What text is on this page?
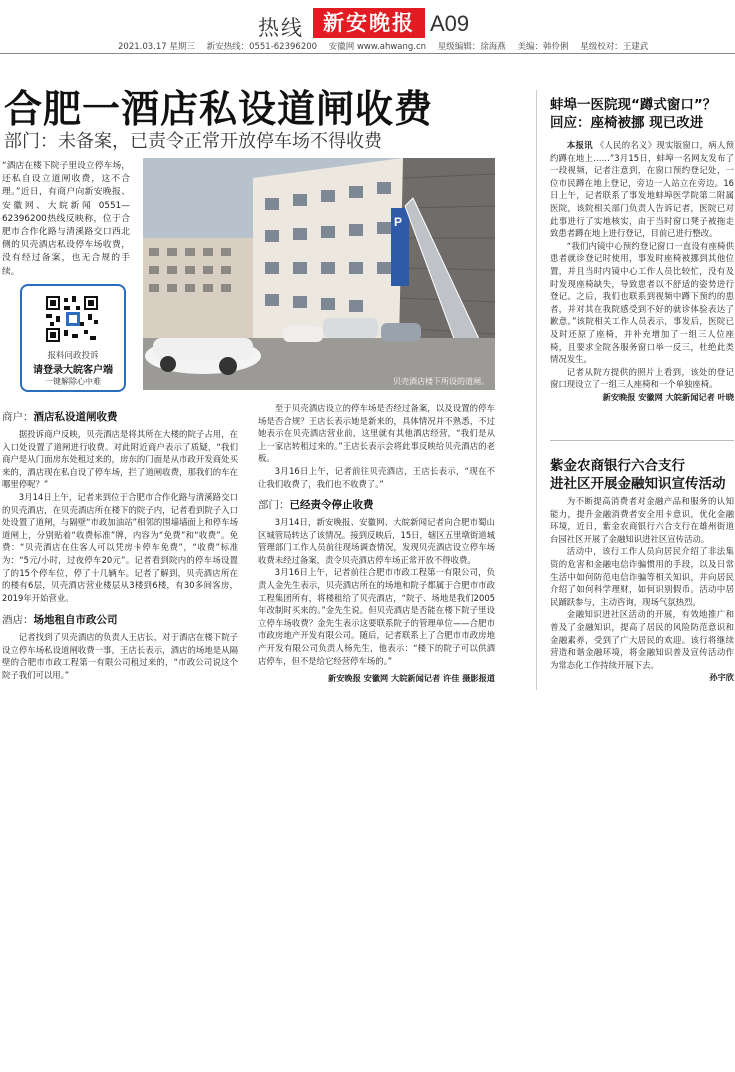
热线 新安晚报 A09
2021.03.17 星期三 新安热线：0551-62396200 安徽网 www.ahwang.cn 星级编辑：徐海燕 美编：韩伶俐 星级校对：王建武
合肥一酒店私设道闸收费
部门：未备案，已责令正常开放停车场不得收费
“酒店在楼下院子里设立停车场，还私自设立道闸收费，这不合理。”近日，有商户向新安晚报、安徽网、大皖新闻 0551—62396200热线反映称，位于合肥市合作化路与清溪路交口西北侧的贝壳酒店私设停车场收费，没有经过备案，也无合规的手续。
报料问政投诉
请登录大皖客户端
一键解除心中难
P
贝壳酒店楼下所设的道闸。
商户：酒店私设道闸收费

据投诉商户反映，贝壳酒店是将其所在大楼的院子占用，在入口处设置了道闸进行收费。对此附近商户表示了质疑，“我们商户是从门面房东处租过来的，房东的门面是从市政开发商处买来的，酒店现在私自设了停车场，拦了道闸收费，那我们的车在哪里停呢？”

3月14日上午，记者来到位于合肥市合作化路与清溪路交口的贝壳酒店，在贝壳酒店所在楼下的院子内，记者看到院子入口处设置了道闸，与隔壁“市政加油站”相邻的围墙墙面上和停车场道闸上，分别贴着“收费标准”牌，内容为“免费”和“收费”。免费：“贝壳酒店在住客人可以凭房卡停车免费”，“收费”标准为：“5元/小时，过夜停车20元”。记者看到院内的停车场设置了的15个停车位，停了十几辆车。记者了解到，贝壳酒店所在的楼有6层，贝壳酒店营业楼层从3楼到6楼，有30多间客房，2019年开始营业。

酒店：场地租自市政公司

记者找到了贝壳酒店的负责人王店长，对于酒店在楼下院子设立停车场私设道闸收费一事，王店长表示，酒店的场地是从隔壁的合肥市市政工程第一有限公司租过来的，“市政公司说这个院子我们可以用。”

至于贝壳酒店设立的停车场是否经过备案，以及设置的停车场是否合规？王店长表示她是新来的，具体情况并不熟悉，不过她表示在贝壳酒店营业前，这里就有其他酒店经营，“我们是从上一家店转租过来的。”王店长表示会将此事反映给贝壳酒店的老板。

3月16日上午，记者前往贝壳酒店，王店长表示，“现在不让我们收费了，我们也不收费了。”

部门：已经责令停止收费

3月14日，新安晚报、安徽网、大皖新闻记者向合肥市蜀山区城管局转达了该情况。接到反映后，15日，辖区五里墩街道城管理部门工作人员前往现场调查情况，发现贝壳酒店设立停车场收费未经过备案，责令贝壳酒店停车场正常开放不得收费。

3月16日上午，记者前往合肥市市政工程第一有限公司，负责人金先生表示，贝壳酒店所在的场地和院子都属于合肥市市政工程集团所有，将楼租给了贝壳酒店，“院子、场地是我们2005年改制时买来的。”金先生说。但贝壳酒店是否能在楼下院子里设立停车场收费？金先生表示这要联系院子的管理单位——合肥市市政房地产开发有限公司。随后，记者联系上了合肥市市政房地产开发有限公司负责人杨先生，他表示：“楼下的院子可以供酒店停车，但不是给它经营停车场的。”

新安晚报 安徽网 大皖新闻记者 许佳 摄影报道
蚌埠一医院现“蹲式窗口”？
回应：座椅被挪 现已改进

本报讯 《人民的名义》现实版窗口，病人预约蹲在地上……”3月15日，蚌埠一名网友发布了一段视频，记者注意到，在窗口预约登记处，一位市民蹲在地上登记，旁边一人站立在旁边。16日上午，记者联系了事发地蚌埠医学院第二附属医院，该院相关部门负责人告诉记者，医院已对此事进行了实地核实，由于当时窗口凳子被拖走致患者蹲在地上进行登记，目前已进行整改。

“我们内镜中心预约登记窗口一直设有座椅供患者就诊登记时使用，事发时座椅被挪到其他位置，并且当时内镜中心工作人员比较忙，没有及时发现座椅缺失，导致患者以不舒适的姿势进行登记。之后，我们也联系到视频中蹲下预约的患者，并对其在我院感受到不好的就诊体验表达了歉意。”该院相关工作人员表示，事发后，医院已及时还原了座椅，并补充增加了一组三人位座椅，且要求全院各服务窗口举一反三，杜绝此类情况发生。

记者从院方提供的照片上看到，该处的登记窗口现设立了一组三人座椅和一个单独座椅。

新安晚报 安徽网 大皖新闻记者 叶晓
紫金农商银行六合支行
进社区开展金融知识宣传活动

为不断提高消费者对金融产品和服务的认知能力，提升金融消费者安全用卡意识，优化金融环境，近日，紫金农商银行六合支行在雄州街道台园社区开展了金融知识进社区宣传活动。

活动中，该行工作人员向居民介绍了非法集资的危害和金融电信诈骗惯用的手段，以及日常生活中如何防范电信诈骗等相关知识，并向居民介绍了如何科学理财，如何识别假币。活动中居民踊跃参与，主动咨询，现场气氛热烈。

金融知识进社区活动的开展，有效地推广和普及了金融知识，提高了居民的风险防范意识和金融素养，受到了广大居民的欢迎。该行将继续营造和谐金融环境，将金融知识普及宣传活动作为常态化工作持续开展下去。

孙宇欣
